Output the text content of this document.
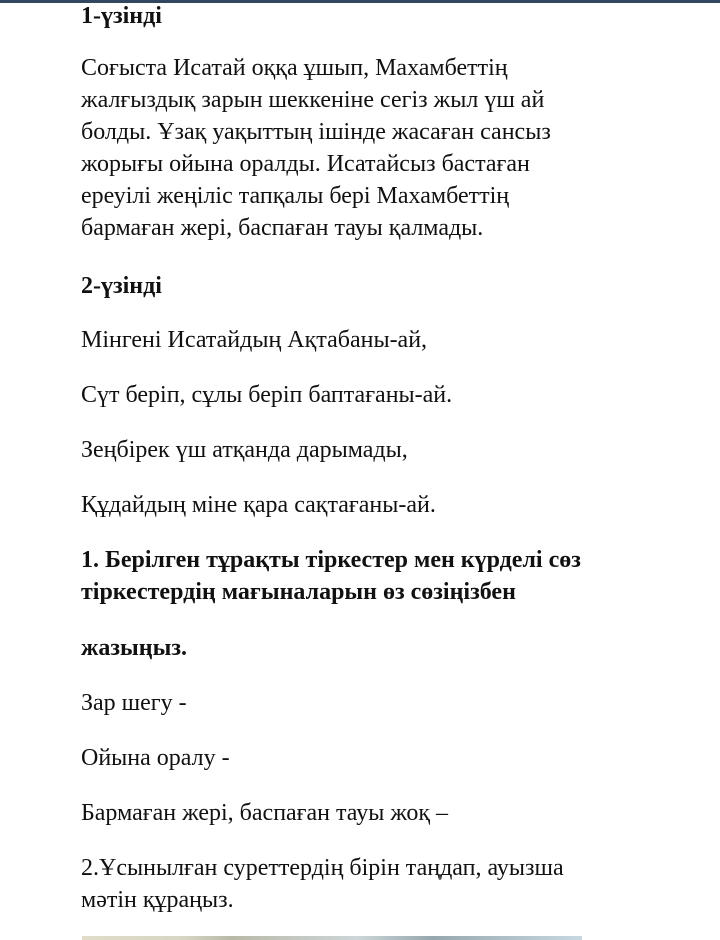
1-үзінді

Соғыста Исатай оққа ұшып, Махамбеттің
жалғыздық зарын шеккеніне сегіз жыл үш ай
болды. Ұзақ уақыттың ішінде жасаған сансыз
жорығы ойына оралды. Исатайсыз бастаған
ереуілі жеңіліс тапқалы бері Махамбеттің
бармаған жері, баспаған тауы қалмады.

2-үзінді

Мінгені Исатайдың Ақтабаны-ай,

Сүт беріп, сұлы беріп баптағаны-ай.

Зеңбірек үш атқанда дарымады,

Құдайдың міне қара сақтағаны-ай.

1. Берілген тұрақты тіркестер мен күрделі сөз
тіркестердің мағыналарын өз сөзіңізбен

жазыңыз.

Зар шегу -

Ойына оралу -

Бармаған жері, баспаған тауы жоқ –

2.Ұсынылған суреттердің бірін таңдап, ауызша
мәтін құраңыз.
